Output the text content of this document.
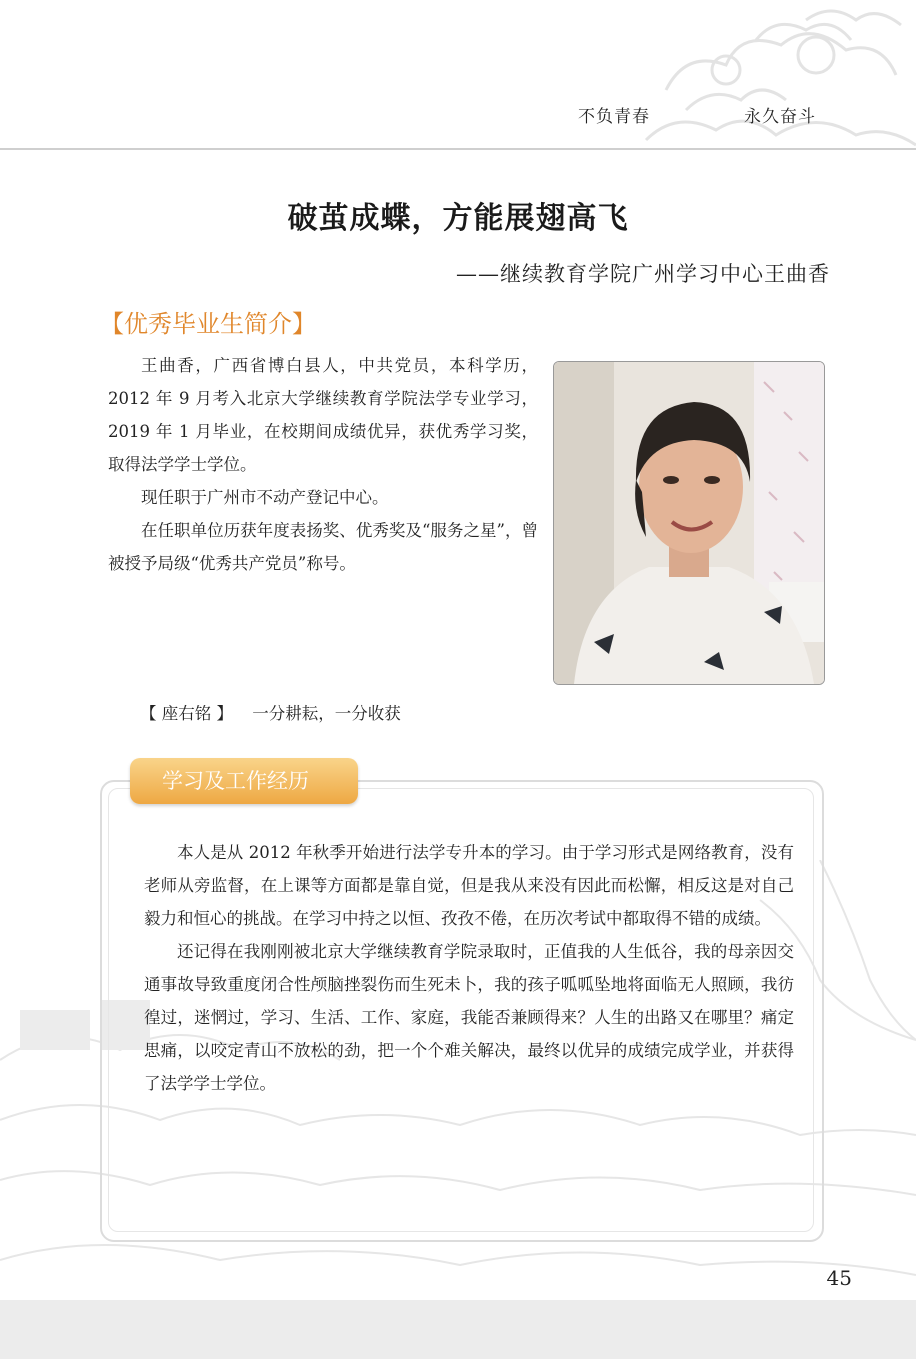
不负青春	永久奋斗
破茧成蝶，方能展翅高飞
——继续教育学院广州学习中心王曲香
【优秀毕业生简介】

王曲香，广西省博白县人，中共党员，本科学历，2012 年 9 月考入北京大学继续教育学院法学专业学习，2019 年 1 月毕业，在校期间成绩优异，获优秀学习奖，取得法学学士学位。

现任职于广州市不动产登记中心。

在任职单位历获年度表扬奖、优秀奖及“服务之星”，曾被授予局级“优秀共产党员”称号。

【 座右铭 】 一分耕耘，一分收获
学习及工作经历

本人是从 2012 年秋季开始进行法学专升本的学习。由于学习形式是网络教育，没有老师从旁监督，在上课等方面都是靠自觉，但是我从来没有因此而松懈，相反这是对自己毅力和恒心的挑战。在学习中持之以恒、孜孜不倦，在历次考试中都取得不错的成绩。

还记得在我刚刚被北京大学继续教育学院录取时，正值我的人生低谷，我的母亲因交通事故导致重度闭合性颅脑挫裂伤而生死未卜，我的孩子呱呱坠地将面临无人照顾，我彷徨过，迷惘过，学习、生活、工作、家庭，我能否兼顾得来？人生的出路又在哪里？痛定思痛，以咬定青山不放松的劲，把一个个难关解决，最终以优异的成绩完成学业，并获得了法学学士学位。

45
